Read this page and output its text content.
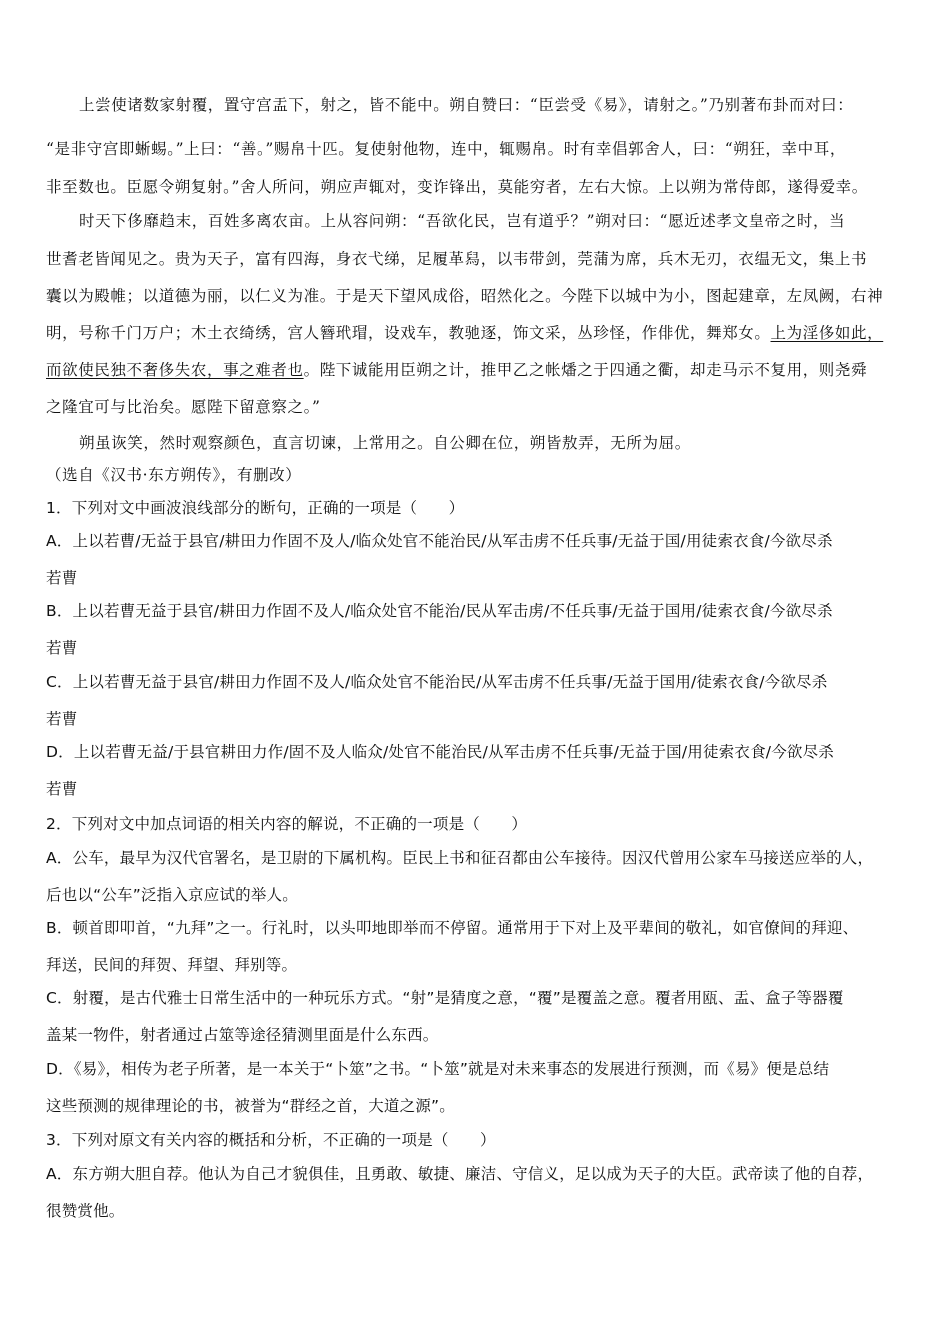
上尝使诸数家射覆，置守宫盂下，射之，皆不能中。朔自赞曰：“臣尝受《易》，请射之。”乃别著布卦而对曰：
“是非守宫即蜥蜴。”上曰：“善。”赐帛十匹。复使射他物，连中，辄赐帛。时有幸倡郭舍人，曰：“朔狂，幸中耳，
非至数也。臣愿令朔复射。”舍人所问，朔应声辄对，变诈锋出，莫能穷者，左右大惊。上以朔为常侍郎，遂得爱幸。
时天下侈靡趋末，百姓多离农亩。上从容问朔：“吾欲化民，岂有道乎？”朔对曰：“愿近述孝文皇帝之时，当
世耆老皆闻见之。贵为天子，富有四海，身衣弋绨，足履革舄，以韦带剑，莞蒲为席，兵木无刃，衣缊无文，集上书
囊以为殿帷；以道德为丽，以仁义为准。于是天下望风成俗，昭然化之。今陛下以城中为小，图起建章，左凤阙，右神
明，号称千门万户；木土衣绮绣，宫人簪玳瑁，设戏车，教驰逐，饰文采，丛珍怪，作俳优，舞郑女。上为淫侈如此，
而欲使民独不奢侈失农，事之难者也。陛下诚能用臣朔之计，推甲乙之帐燔之于四通之衢，却走马示不复用，则尧舜
之隆宜可与比治矣。愿陛下留意察之。”
朔虽诙笑，然时观察颜色，直言切谏，上常用之。自公卿在位，朔皆敖弄，无所为屈。
（选自《汉书·东方朔传》，有删改）
1．下列对文中画波浪线部分的断句，正确的一项是（　　）
A．上以若曹/无益于县官/耕田力作固不及人/临众处官不能治民/从军击虏不任兵事/无益于国/用徒索衣食/今欲尽杀
若曹
B．上以若曹无益于县官/耕田力作固不及人/临众处官不能治/民从军击虏/不任兵事/无益于国用/徒索衣食/今欲尽杀
若曹
C．上以若曹无益于县官/耕田力作固不及人/临众处官不能治民/从军击虏不任兵事/无益于国用/徒索衣食/今欲尽杀
若曹
D．上以若曹无益/于县官耕田力作/固不及人临众/处官不能治民/从军击虏不任兵事/无益于国/用徒索衣食/今欲尽杀
若曹
2．下列对文中加点词语的相关内容的解说，不正确的一项是（　　）
A．公车，最早为汉代官署名，是卫尉的下属机构。臣民上书和征召都由公车接待。因汉代曾用公家车马接送应举的人，
后也以“公车”泛指入京应试的举人。
B．顿首即叩首，“九拜”之一。行礼时，以头叩地即举而不停留。通常用于下对上及平辈间的敬礼，如官僚间的拜迎、
拜送，民间的拜贺、拜望、拜别等。
C．射覆，是古代雅士日常生活中的一种玩乐方式。“射”是猜度之意，“覆”是覆盖之意。覆者用瓯、盂、盒子等器覆
盖某一物件，射者通过占筮等途径猜测里面是什么东西。
D．《易》，相传为老子所著，是一本关于“卜筮”之书。“卜筮”就是对未来事态的发展进行预测，而《易》便是总结
这些预测的规律理论的书，被誉为“群经之首，大道之源”。
3．下列对原文有关内容的概括和分析，不正确的一项是（　　）
A．东方朔大胆自荐。他认为自己才貌俱佳，且勇敢、敏捷、廉洁、守信义，足以成为天子的大臣。武帝读了他的自荐，
很赞赏他。
